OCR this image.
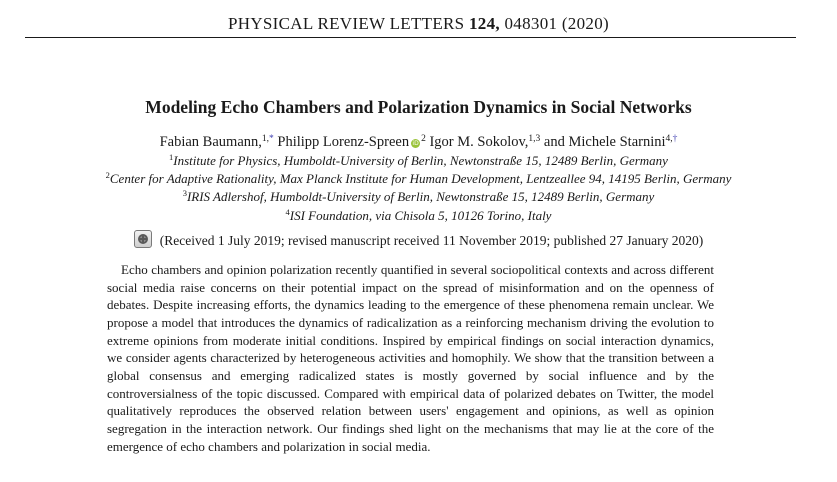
PHYSICAL REVIEW LETTERS 124, 048301 (2020)
Modeling Echo Chambers and Polarization Dynamics in Social Networks
Fabian Baumann,$^{1,*}$ Philipp Lorenz-Spreen iD $^2$ Igor M. Sokolov,$^{1,3}$ and Michele Starnini$^{4,\dagger}$
$^1$Institute for Physics, Humboldt-University of Berlin, Newtonstraße 15, 12489 Berlin, Germany
$^2$Center for Adaptive Rationality, Max Planck Institute for Human Development, Lentzeallee 94, 14195 Berlin, Germany
$^3$IRIS Adlershof, Humboldt-University of Berlin, Newtonstraße 15, 12489 Berlin, Germany
$^4$ISI Foundation, via Chisola 5, 10126 Torino, Italy
(Received 1 July 2019; revised manuscript received 11 November 2019; published 27 January 2020)

Echo chambers and opinion polarization recently quantified in several sociopolitical contexts and across different social media raise concerns on their potential impact on the spread of misinformation and on the openness of debates. Despite increasing efforts, the dynamics leading to the emergence of these phenomena remain unclear. We propose a model that introduces the dynamics of radicalization as a reinforcing mechanism driving the evolution to extreme opinions from moderate initial conditions. Inspired by empirical findings on social interaction dynamics, we consider agents characterized by heterogeneous activities and homophily. We show that the transition between a global consensus and emerging radicalized states is mostly governed by social influence and by the controversialness of the topic discussed. Compared with empirical data of polarized debates on Twitter, the model qualitatively reproduces the observed relation between users' engagement and opinions, as well as opinion segregation in the interaction network. Our findings shed light on the mechanisms that may lie at the core of the emergence of echo chambers and polarization in social media.
